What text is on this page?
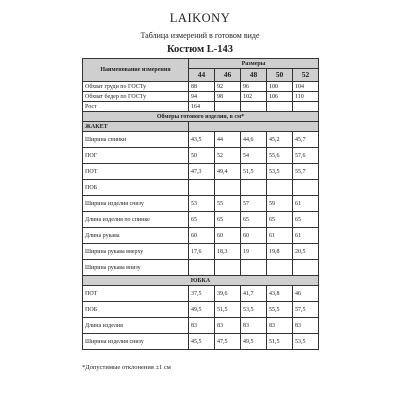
LAIKONY
Таблица измерений в готовом виде
Костюм L-143
Наименование измерения	Размеры				
	44	46	48	50	52
Обхват груди по ГОСТу	88	92	96	100	104
Обхват бедер по ГОСТу	94	98	102	106	110
Рост	164				
Обмеры готового изделия, в см*					
ЖАКЕТ					
Ширина спинки	43,5	44	44,6	45,2	45,7
ПОГ	50	52	54	55,6	57,6
ПОТ	47,3	49,4	51,5	53,5	55,7
ПОБ					
Ширина изделия снизу	53	55	57	59	61
Длина изделия по спинке	65	65	65	65	65
Длина рукава	60	60	60	61	61
Ширина рукава вверху	17,6	18,3	19	19,8	20,5
Ширина рукава внизу					
ЮБКА					
ПОТ	37,5	39,6	41,7	43,8	46
ПОБ	49,5	51,5	53,5	55,5	57,5
Длина изделия	83	83	83	83	83
Ширина изделия снизу	45,5	47,5	49,5	51,5	53,5
*Допустимые отклонения ±1 см
